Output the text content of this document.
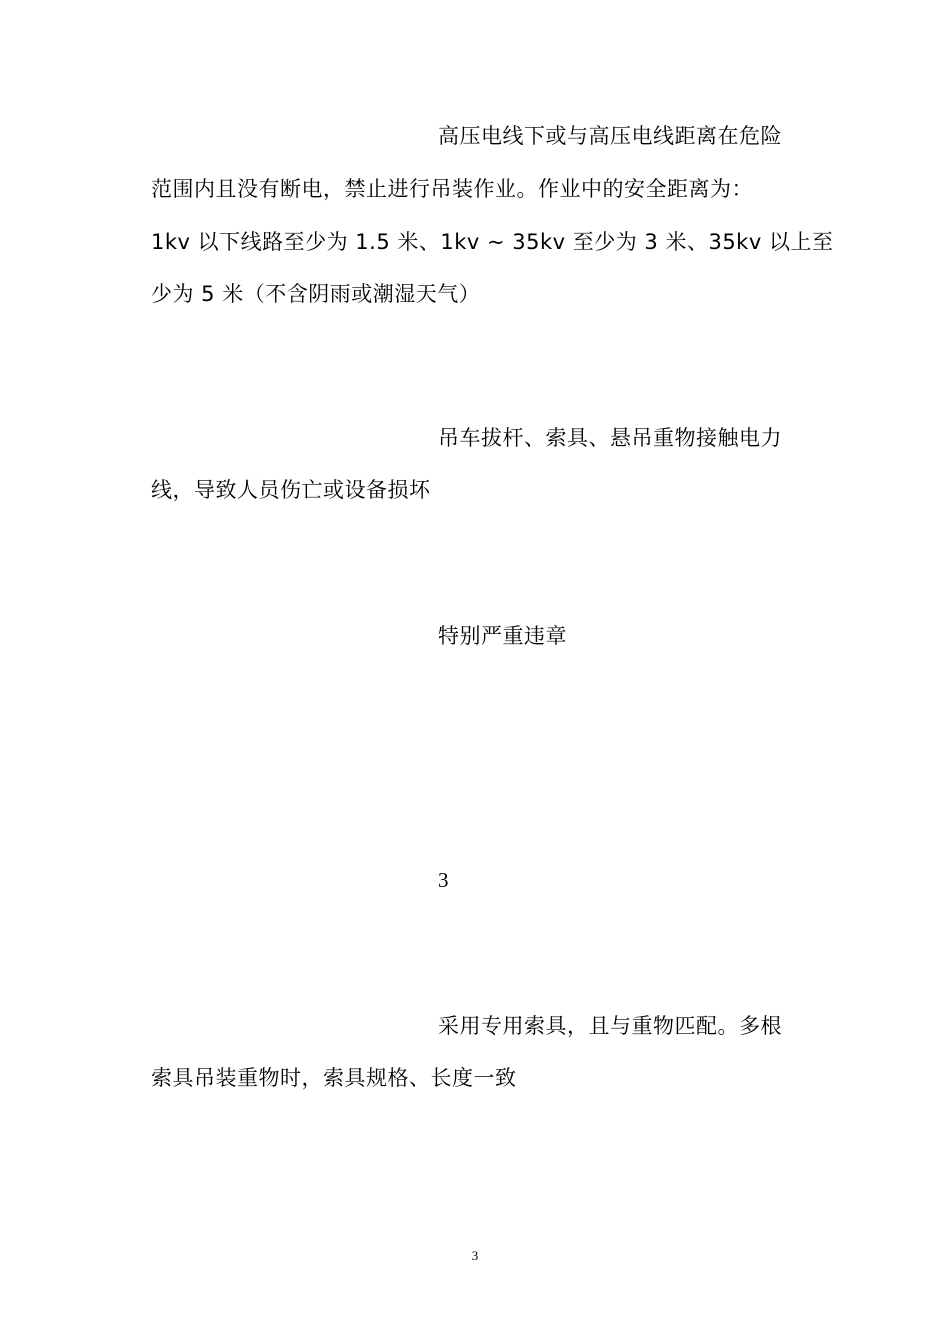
高压电线下或与高压电线距离在危险
范围内且没有断电，禁止进行吊装作业。作业中的安全距离为：
1kv 以下线路至少为 1.5 米、1kv ~ 35kv 至少为 3 米、35kv 以上至
少为 5 米（不含阴雨或潮湿天气）
吊车拔杆、索具、悬吊重物接触电力
线，导致人员伤亡或设备损坏
特别严重违章
3
采用专用索具，且与重物匹配。多根
索具吊装重物时，索具规格、长度一致
3
